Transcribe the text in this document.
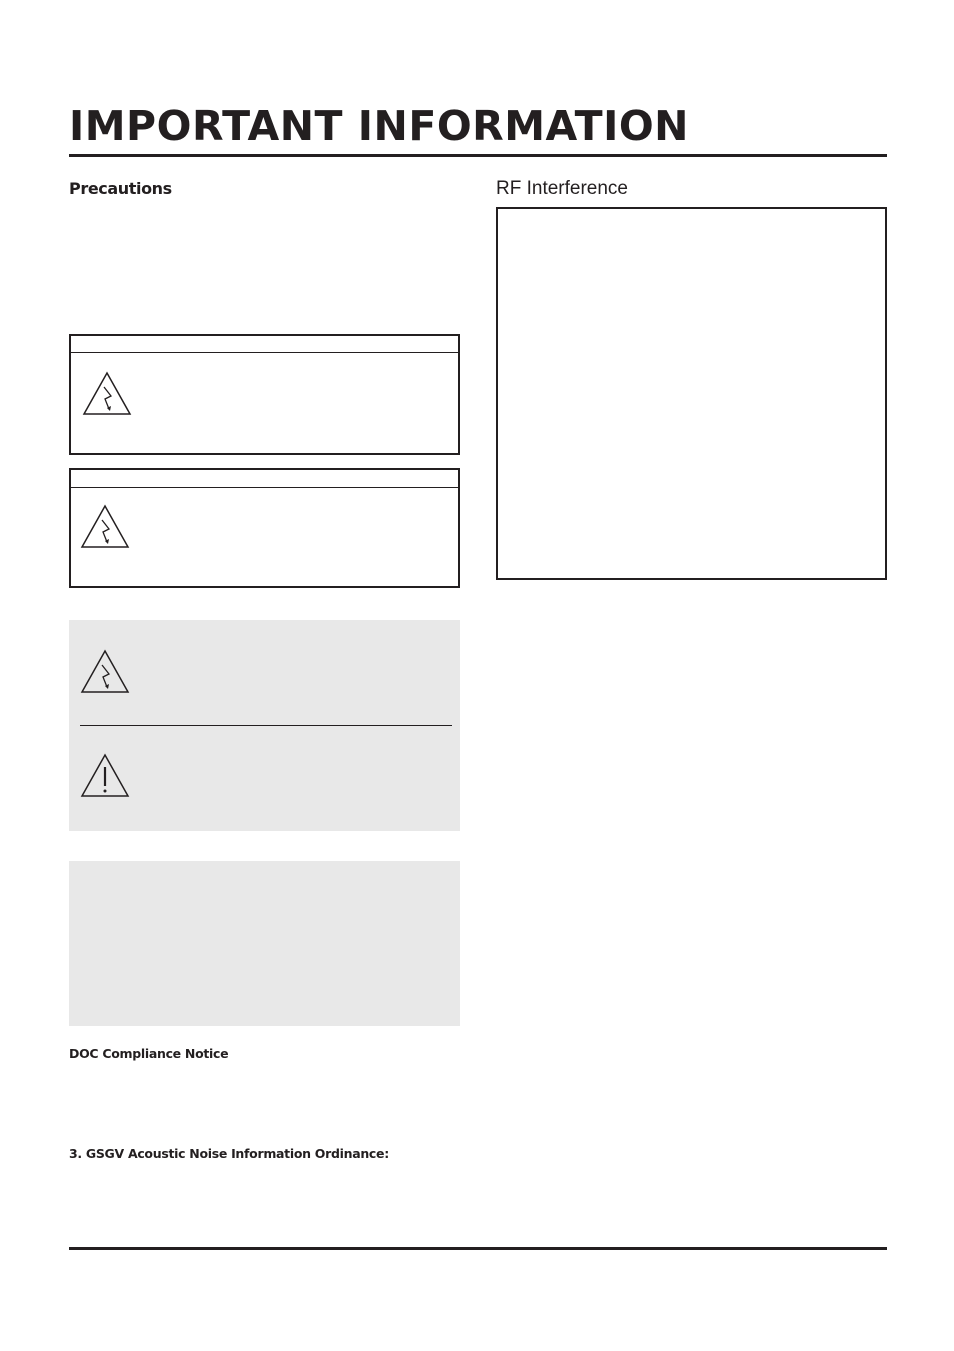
IMPORTANT INFORMATION
Precautions	RF Interference
DOC Compliance Notice
3. GSGV Acoustic Noise Information Ordinance:
